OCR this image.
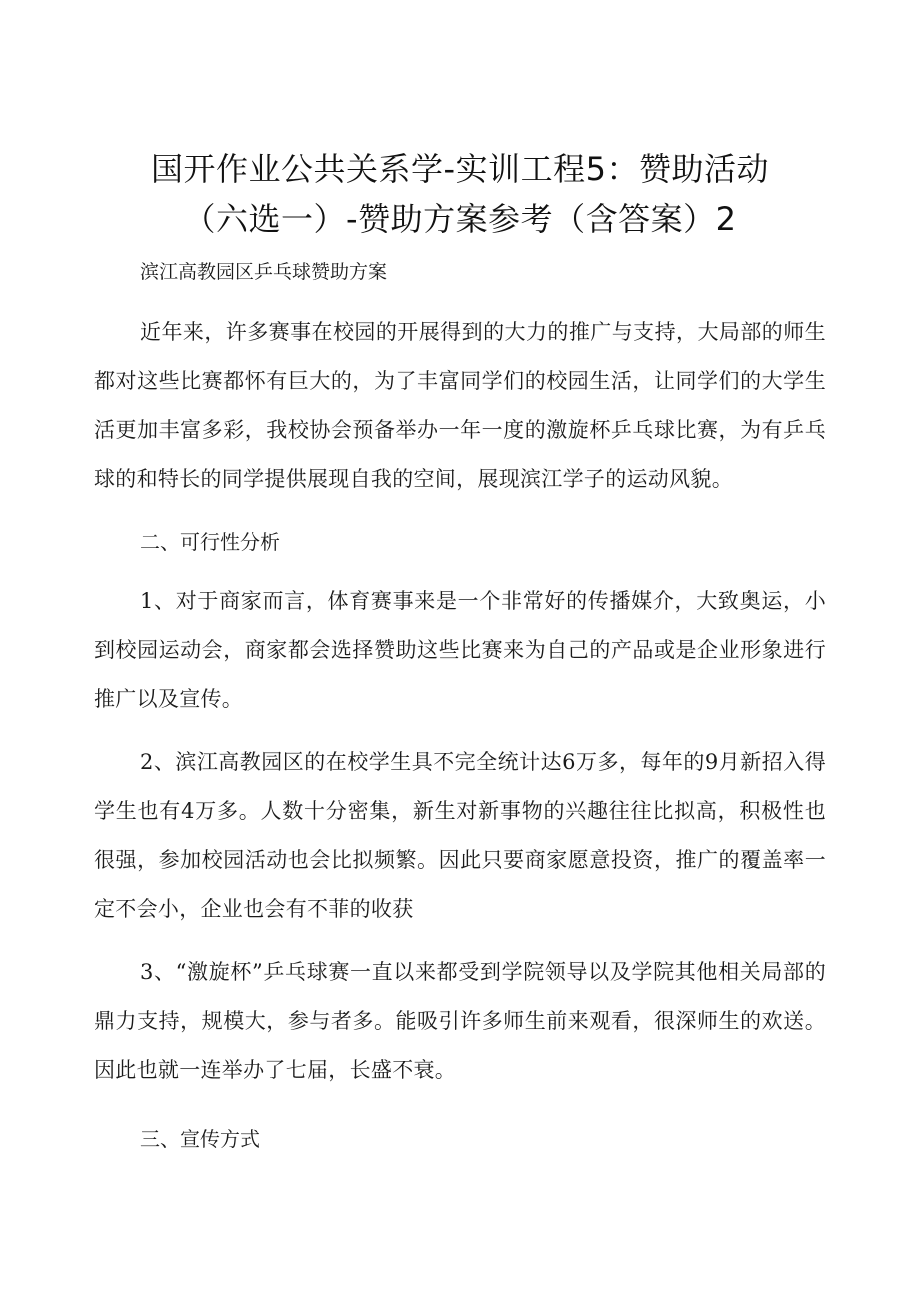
国开作业公共关系学-实训工程5：赞助活动
（六选一）-赞助方案参考（含答案）2
滨江高教园区乒乓球赞助方案

近年来，许多赛事在校园的开展得到的大力的推广与支持，大局部的师生都对这些比赛都怀有巨大的，为了丰富同学们的校园生活，让同学们的大学生活更加丰富多彩，我校协会预备举办一年一度的激旋杯乒乓球比赛，为有乒乓球的和特长的同学提供展现自我的空间，展现滨江学子的运动风貌。

二、可行性分析

1、对于商家而言，体育赛事来是一个非常好的传播媒介，大致奥运，小到校园运动会，商家都会选择赞助这些比赛来为自己的产品或是企业形象进行推广以及宣传。

2、滨江高教园区的在校学生具不完全统计达6万多，每年的9月新招入得学生也有4万多。人数十分密集，新生对新事物的兴趣往往比拟高，积极性也很强，参加校园活动也会比拟频繁。因此只要商家愿意投资，推广的覆盖率一定不会小，企业也会有不菲的收获

3、“激旋杯”乒乓球赛一直以来都受到学院领导以及学院其他相关局部的鼎力支持，规模大，参与者多。能吸引许多师生前来观看，很深师生的欢送。因此也就一连举办了七届，长盛不衰。

三、宣传方式
